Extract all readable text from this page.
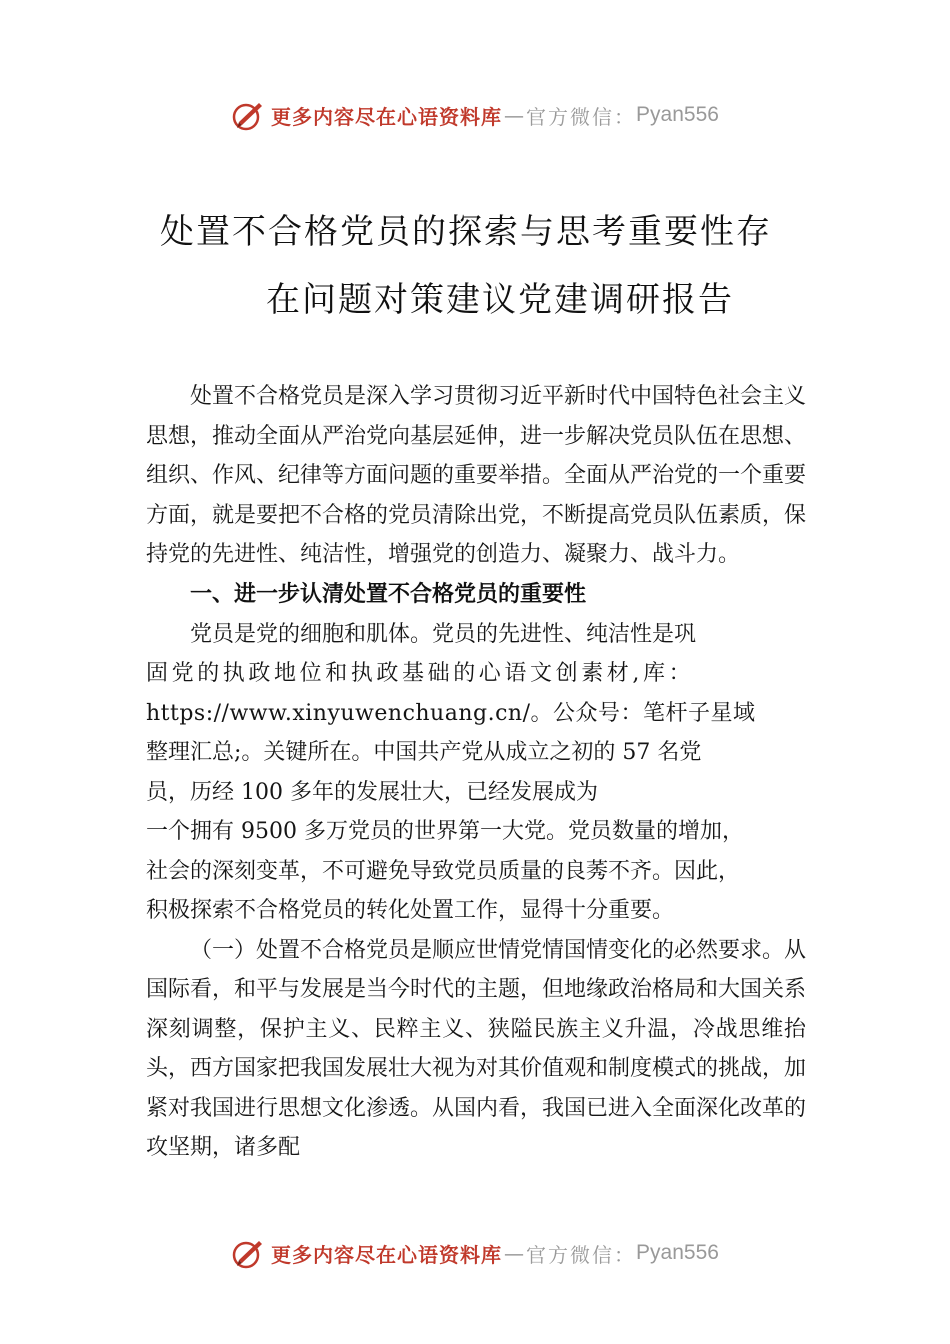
更多内容尽在心语资料库 — 官方微信： Pyan556
处置不合格党员的探索与思考重要性存
在问题对策建议党建调研报告

处置不合格党员是深入学习贯彻习近平新时代中国特色社会主义思想，推动全面从严治党向基层延伸，进一步解决党员队伍在思想、组织、作风、纪律等方面问题的重要举措。全面从严治党的一个重要方面，就是要把不合格的党员清除出党，不断提高党员队伍素质，保持党的先进性、纯洁性，增强党的创造力、凝聚力、战斗力。

一、进一步认清处置不合格党员的重要性

党员是党的细胞和肌体。党员的先进性、纯洁性是巩
固党的执政地位和执政基础的心语文创素材,库：
https://www.xinyuwenchuang.cn/。公众号：笔杆子星域
整理汇总;。关键所在。中国共产党从成立之初的 57 名党
员，历经 100 多年的发展壮大，已经发展成为
一个拥有 9500 多万党员的世界第一大党。党员数量的增加，
社会的深刻变革，不可避免导致党员质量的良莠不齐。因此，
积极探索不合格党员的转化处置工作，显得十分重要。

（一）处置不合格党员是顺应世情党情国情变化的必然要求。从国际看，和平与发展是当今时代的主题，但地缘政治格局和大国关系深刻调整，保护主义、民粹主义、狭隘民族主义升温，冷战思维抬头，西方国家把我国发展壮大视为对其价值观和制度模式的挑战，加紧对我国进行思想文化渗透。从国内看，我国已进入全面深化改革的攻坚期，诸多配

更多内容尽在心语资料库 — 官方微信： Pyan556
